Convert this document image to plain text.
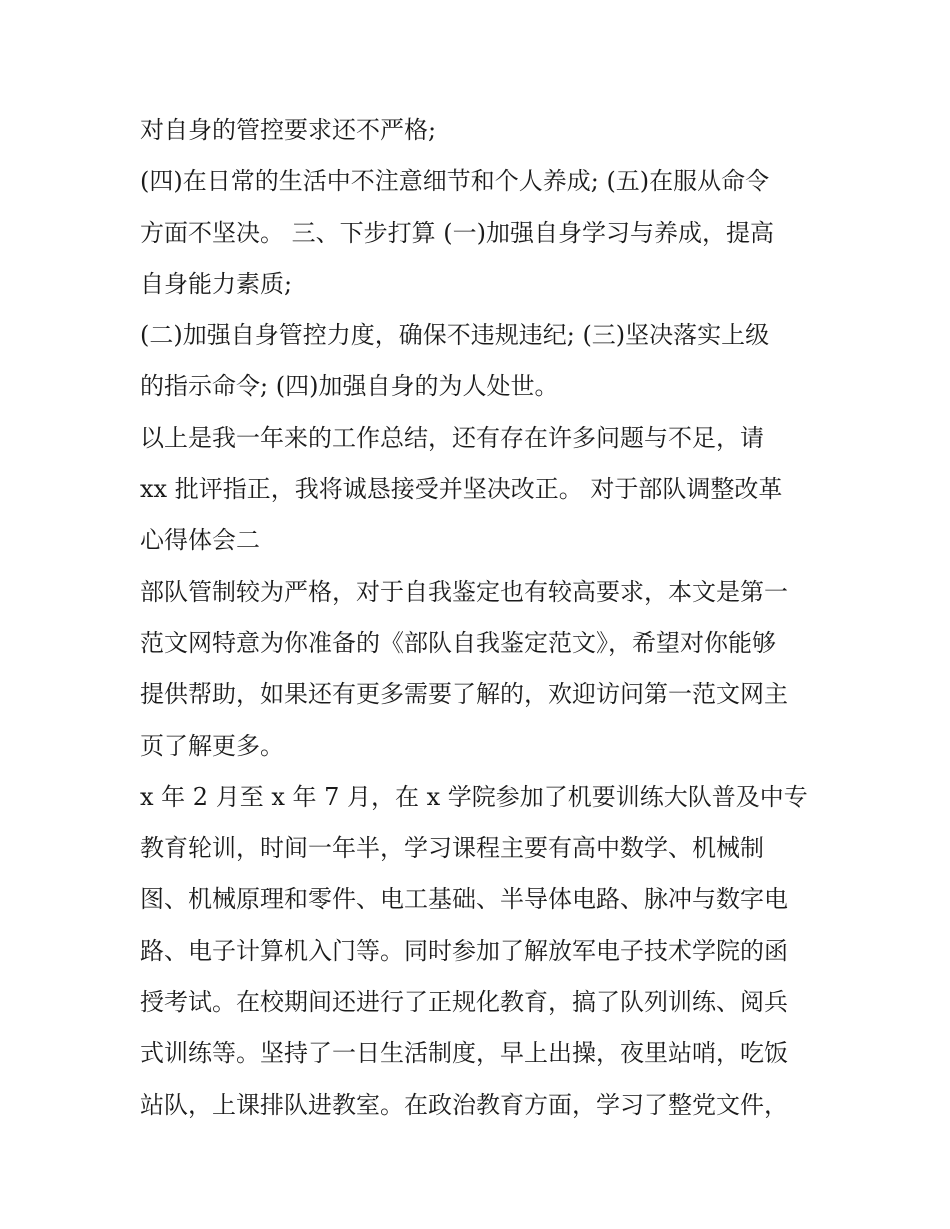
对自身的管控要求还不严格;
(四)在日常的生活中不注意细节和个人养成; (五)在服从命令
方面不坚决。 三、下步打算 (一)加强自身学习与养成，提高
自身能力素质;
(二)加强自身管控力度，确保不违规违纪; (三)坚决落实上级
的指示命令; (四)加强自身的为人处世。
以上是我一年来的工作总结，还有存在许多问题与不足，请
xx 批评指正，我将诚恳接受并坚决改正。 对于部队调整改革
心得体会二
部队管制较为严格，对于自我鉴定也有较高要求，本文是第一
范文网特意为你准备的《部队自我鉴定范文》，希望对你能够
提供帮助，如果还有更多需要了解的，欢迎访问第一范文网主
页了解更多。
x 年 2 月至 x 年 7 月，在 x 学院参加了机要训练大队普及中专
教育轮训，时间一年半，学习课程主要有高中数学、机械制
图、机械原理和零件、电工基础、半导体电路、脉冲与数字电
路、电子计算机入门等。同时参加了解放军电子技术学院的函
授考试。在校期间还进行了正规化教育，搞了队列训练、阅兵
式训练等。坚持了一日生活制度，早上出操，夜里站哨，吃饭
站队，上课排队进教室。在政治教育方面，学习了整党文件，
